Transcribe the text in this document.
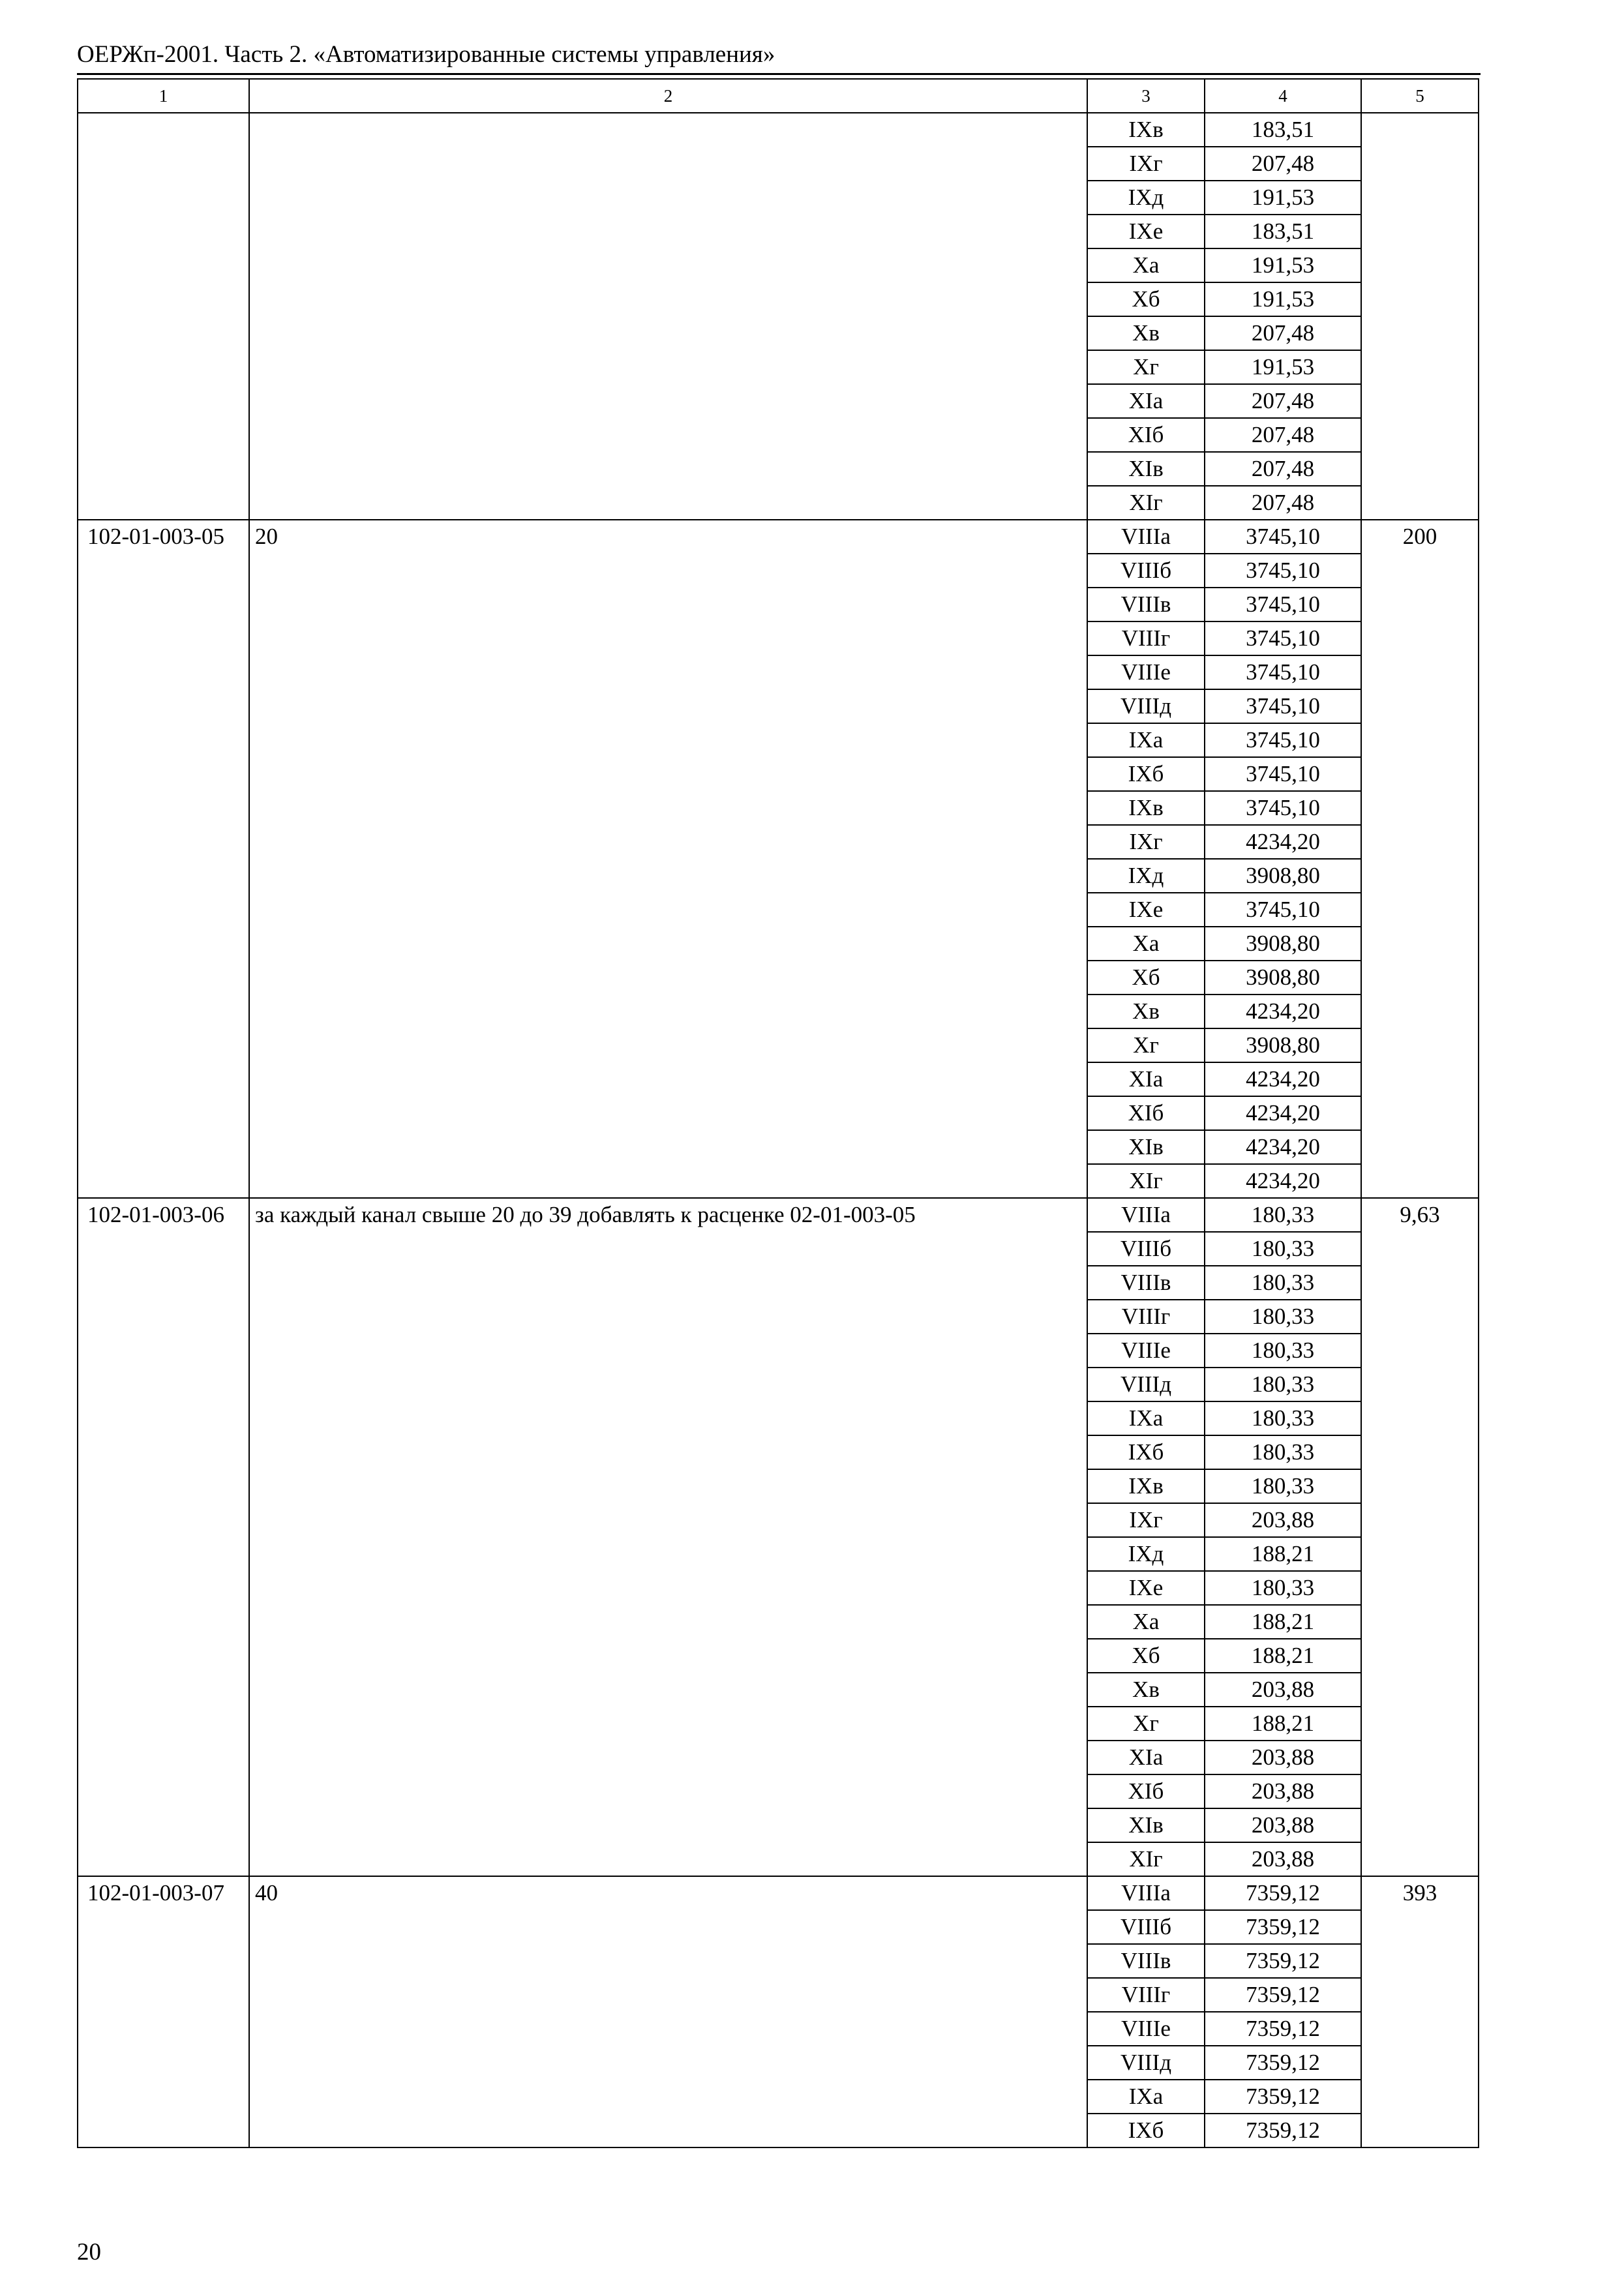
ОЕРЖп-2001. Часть 2. «Автоматизированные системы управления»
1	2	3	4	5
		IXв	183,51	
		IXг	207,48	
		IXд	191,53	
		IXе	183,51	
		Xа	191,53	
		Xб	191,53	
		Xв	207,48	
		Xг	191,53	
		XIа	207,48	
		XIб	207,48	
		XIв	207,48	
		XIг	207,48	
102-01-003-05	20	VIIIа	3745,10	200
		VIIIб	3745,10	
		VIIIв	3745,10	
		VIIIг	3745,10	
		VIIIе	3745,10	
		VIIIд	3745,10	
		IXа	3745,10	
		IXб	3745,10	
		IXв	3745,10	
		IXг	4234,20	
		IXд	3908,80	
		IXе	3745,10	
		Xа	3908,80	
		Xб	3908,80	
		Xв	4234,20	
		Xг	3908,80	
		XIа	4234,20	
		XIб	4234,20	
		XIв	4234,20	
		XIг	4234,20	
102-01-003-06	за каждый канал свыше 20 до 39 добавлять к расценке 02-01-003-05	VIIIа	180,33	9,63
		VIIIб	180,33	
		VIIIв	180,33	
		VIIIг	180,33	
		VIIIе	180,33	
		VIIIд	180,33	
		IXа	180,33	
		IXб	180,33	
		IXв	180,33	
		IXг	203,88	
		IXд	188,21	
		IXе	180,33	
		Xа	188,21	
		Xб	188,21	
		Xв	203,88	
		Xг	188,21	
		XIа	203,88	
		XIб	203,88	
		XIв	203,88	
		XIг	203,88	
102-01-003-07	40	VIIIа	7359,12	393
		VIIIб	7359,12	
		VIIIв	7359,12	
		VIIIг	7359,12	
		VIIIе	7359,12	
		VIIIд	7359,12	
		IXа	7359,12	
		IXб	7359,12	
20
